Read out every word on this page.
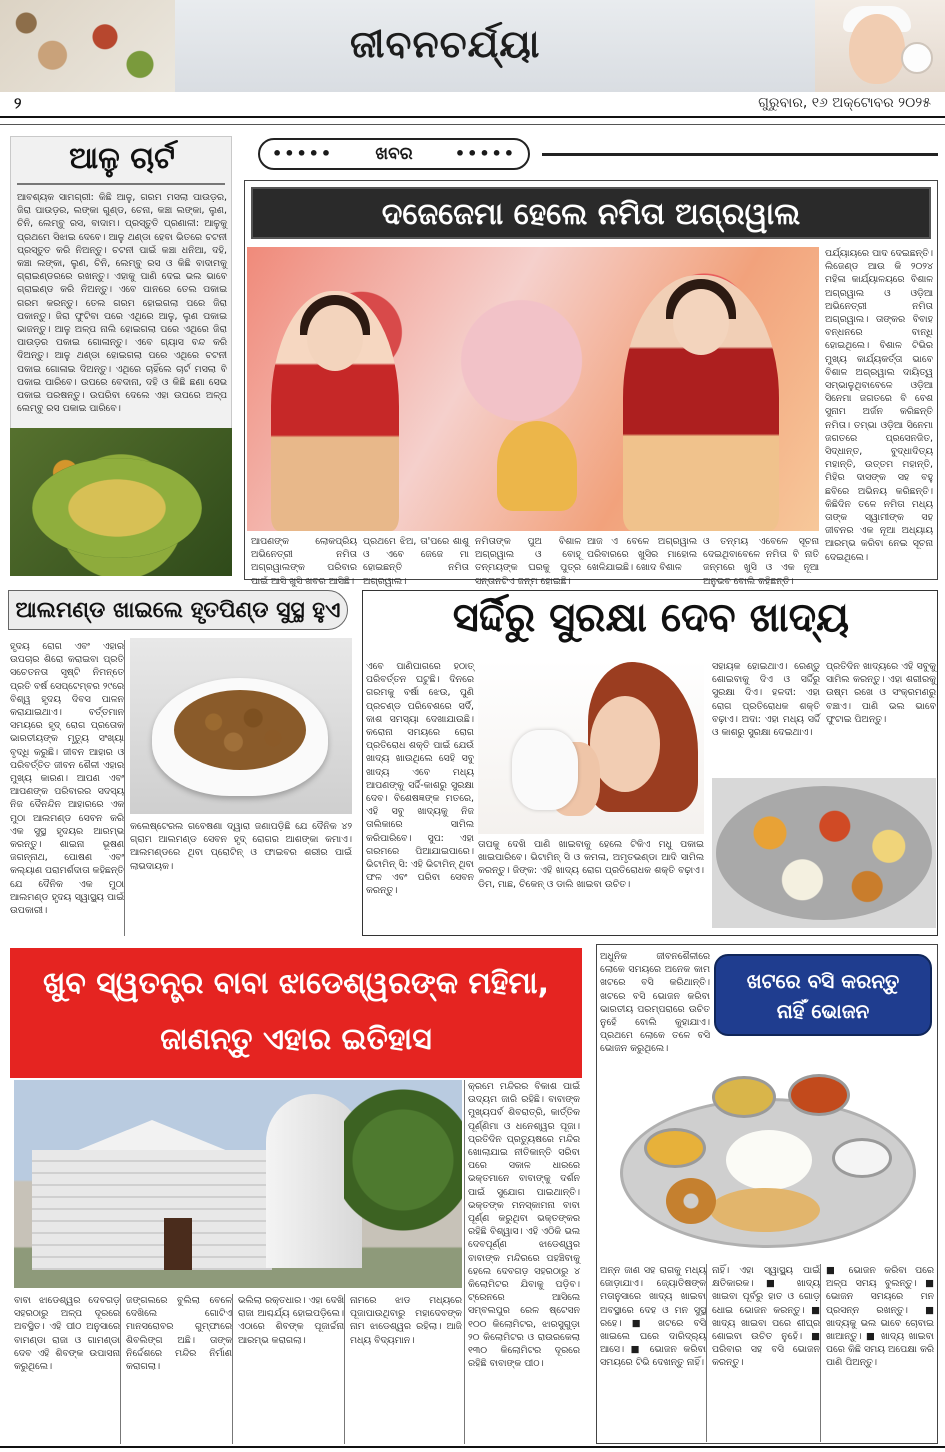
ଜୀବନଚର୍ଯ୍ୟା
୨	ଗୁରୁବାର, ୧୬ ଅକ୍ଟୋବର ୨୦୨୫
ଆଳୁ ଚାର୍ଟ
ଆବଶ୍ୟକ ସାମଗ୍ରୀ: କିଛି ଆଳୁ, ଗରମ ମସଲା ପାଉଡ଼ର, ଜିରା ପାଉଡ଼ର, ଲଙ୍କା ଗୁଣ୍ଡ, ଚେନା, କଞ୍ଚା ଲଙ୍କା, ଲୁଣ, ଚିନି, ଲେମ୍ବୁ ରସ, ବାଦାମ। ପ୍ରସ୍ତୁତି ପ୍ରଣାଳୀ: ଆଳୁକୁ ପ୍ରଥମେ ସିଝାଇ ଦେବେ। ଆଳୁ ଥଣ୍ଡା ହେବା ଭିତରେ ଚଟନୀ ପ୍ରସ୍ତୁତ କରି ନିଅନ୍ତୁ। ଚଟନୀ ପାଇଁ କଞ୍ଚା ଧନିଆ, ଦହି, କଞ୍ଚା ଲଙ୍କା, ଲୁଣ, ଚିନି, ଲେମ୍ବୁ ରସ ଓ କିଛି ବାଦାମକୁ ଗ୍ରାଇଣ୍ଡରରେ ରଖନ୍ତୁ। ଏହାକୁ ପାଣି ଦେଇ ଭଲ ଭାବେ ଗ୍ରାଇଣ୍ଡ କରି ନିଅନ୍ତୁ। ଏବେ ପାନରେ ତେଲ ପକାଇ ଗରମ କରନ୍ତୁ। ତେଲ ଗରମ ହୋଇଗଲା ପରେ ଜିରା ପକାନ୍ତୁ। ଜିରା ଫୁଟିବା ପରେ ଏଥିରେ ଆଳୁ, ଲୁଣ ପକାଇ ଭାଜନ୍ତୁ। ଆଳୁ ଅଳ୍ପ ନାଲି ହୋଇଗଲା ପରେ ଏଥିରେ ଜିରା ପାଉଡ଼ର ପକାଇ ଗୋଳାନ୍ତୁ। ଏବେ ଗ୍ୟାସ ବନ୍ଦ କରି ଦିଅନ୍ତୁ। ଆଳୁ ଥଣ୍ଡା ହୋଇଗଲା ପରେ ଏଥିରେ ଚଟନୀ ପକାଇ ଗୋଳାଇ ଦିଅନ୍ତୁ। ଏଥିରେ ଚାହିଁଲେ ଚାର୍ଟ ମସଲା ବି ପକାଇ ପାରିବେ। ଉପରେ ବେଦାନା, ଦହି ଓ କିଛି ଛଣା ସେଭ ପକାଇ ପରଷନ୍ତୁ। ଉପରିବା ଦେଲେ ଏହା ଉପରେ ଅଳ୍ପ ଲେମ୍ବୁ ରସ ପକାଇ ପାରିବେ।
•••••	ଖବର	•••••
ଦଜେଜେମା ହେଲେ ନମିତା ଅଗ୍ରୱାଲ
ପର୍ଯ୍ୟାୟରେ ପାଦ ଦେଇଛନ୍ତି। ଲିଜେଣ୍ଡ ଆଉ କି ୨୦୨୪ ମହିଳା କାର୍ଯ୍ୟାଳୟରେ ବିଶାଳ ଅଗ୍ରୱାଲ ଓ ଓଡ଼ିଆ ଅଭିନେତ୍ରୀ ନମିତା ଅଗ୍ରୱାଲ। ତାଙ୍କର ବିବାହ ବନ୍ଧନରେ ବାନ୍ଧି ହୋଇଥିଲେ। ବିଶାଳ ଟିଭିର ମୁଖ୍ୟ କାର୍ଯ୍ୟକର୍ତ୍ତା ଭାବେ ବିଶାଳ ଅଗ୍ରୱାଲ ଦାୟିତ୍ୱ ସମ୍ଭାଳୁଥିବାବେଳେ ଓଡ଼ିଆ ସିନେମା ଜଗତରେ ବି ବେଶ ସୁନାମ ଅର୍ଜନ କରିଛନ୍ତି ନମିତା। ତମ୍ଭା ଓଡ଼ିଆ ସିନେମା ଜଗତରେ ପ୍ରସେନଜିତ, ସିଦ୍ଧାନ୍ତ, ବୁଦ୍ଧାଦିତ୍ୟ ମହାନ୍ତି, ଉତ୍ତମ ମହାନ୍ତି, ମିହିର ଦାସଙ୍କ ସହ ବହୁ ଛବିରେ ଅଭିନୟ କରିଛନ୍ତି। କିଛିଦିନ ତଳେ ନମିତା ମଧ୍ୟ ତାଙ୍କ ସ୍ୱାମୀଙ୍କ ସହ ଜୀବନର ଏକ ନୂଆ ଅଧ୍ୟାୟ ଆରମ୍ଭ କରିବା ନେଇ ସୂଚନା ଦେଇଥିଲେ।
ଆପଣଙ୍କ ଲୋକପ୍ରିୟ ଅଭିନେତ୍ରୀ ନମିତା ଅଗ୍ରୱାଲଙ୍କ ପରିବାର ପାଇଁ ଆସି ଖୁସି ଖବର ଆସିଛି।
ପ୍ରଥମେ ଝିଅ, ତା'ପରେ ଶାଶୁ ଓ ଏବେ ଜେଜେ ମା ହୋଇଛନ୍ତି ନମିତା ଅଗ୍ରୱାଲ।
ନମିତାଙ୍କ ପୁଅ ବିଶାଳ ଅଗ୍ରୱାଲ ଓ ବୋହୂ ତନ୍ମୟଙ୍କ ଘରକୁ ପୁତ୍ର ସନ୍ତାନଟିଏ ଜନ୍ମ ହୋଇଛି।
ଆଜ ଏ ବେଳେ ଅଗ୍ରୱାଲ ପରିବାରରେ ଖୁସିର ମାହୋଲ ଖେଳିଯାଇଛି। ଖୋଦ ବିଶାଳ
ଓ ତନ୍ମୟ ଏବେଳେ ସୂଚନା ଦେଇଥିବାବେଳେ ନମିତା ବି ନାତି ଜନ୍ମରେ ଖୁସି ଓ ଏକ ନୂଆ ଅନୁଭବ ବୋଲି କହିଛନ୍ତି।
ଆଲମଣ୍ଡ ଖାଇଲେ ହୃତପିଣ୍ଡ ସୁସ୍ଥ ହୁଏ
ହୃଦୟ ରୋଗ ଏବଂ ଏହାର ଉପଚାର ଶିରୋ କରାଇବା ପ୍ରତି ସଚେତନତା ସୃଷ୍ଟି ନିମନ୍ତେ ପ୍ରତି ବର୍ଷ ସେପ୍ଟେମ୍ବର ୨୯ରେ ବିଶ୍ୱ ହୃଦୟ ଦିବସ ପାଳନ କରାଯାଇଥାଏ। ବର୍ତ୍ତମାନ ସମୟରେ ହୃଦ୍ ରୋଗ ପ୍ରତୋକ ଭାରତୀୟଙ୍କ ମୃତ୍ୟୁ ସଂଖ୍ୟା ବୃଦ୍ଧି କରୁଛି। ଜୀବନ ଆହାର ଓ ପରିବର୍ତ୍ତିତ ଜୀବନ ଶୈଳୀ ଏହାର ମୁଖ୍ୟ କାରଣ। ଆପଣ ଏବଂ ଆପଣଙ୍କ ପରିବାରର ସଦସ୍ୟ ନିଜ ଦୈନନ୍ଦିନ ଆହାରରେ ଏକ ମୁଠା ଆଲମଣ୍ଡ ସେବନ କରି ଏକ ସୁସ୍ଥ ହୃଦୟର ଆରମ୍ଭ କରନ୍ତୁ। ଶାଇନା ଭୂଷଣ ଜଗନ୍ନାଥ, ପୋଷଣ ଏବଂ କଲ୍ୟାଣ ପରାମର୍ଶଦାତା କହିଛନ୍ତି ଯେ ଦୈନିକ ଏକ ମୁଠା ଆଲମଣ୍ଡ ହୃଦୟ ସ୍ୱାସ୍ଥ୍ୟ ପାଇଁ ଉପକାରୀ।
କଲେଷ୍ଟେରଲ ଗବେଷଣା ଦ୍ୱାରା ଜଣାପଡ଼ିଛି ଯେ ଦୈନିକ ୪୨ ଗ୍ରାମ ଆଲମଣ୍ଡ ସେବନ ହୃଦ୍ ରୋଗର ଆଶଙ୍କା କମାଏ। ଆଲମଣ୍ଡରେ ଥିବା ପ୍ରୋଟିନ୍ ଓ ଫାଇବର ଶରୀର ପାଇଁ ଲାଭଦାୟକ।
ସର୍ଦ୍ଦିରୁ ସୁରକ୍ଷା ଦେବ ଖାଦ୍ୟ
ଏବେ ପାଣିପାଗରେ ହଠାତ୍ ପରିବର୍ତ୍ତନ ଘଟୁଛି। ଦିନରେ ଗରମକୁ ବର୍ଷା ଝେଉ, ପୁଣି ପ୍ରଚଣ୍ଡ ପରିବେଶରେ ସର୍ଦି, କାଶ ସମସ୍ୟା ଦେଖାଯାଉଛି। କରୋନା ସମୟରେ ରୋଗ ପ୍ରତିରୋଧ ଶକ୍ତି ପାଇଁ ଯେଉଁ ଖାଦ୍ୟ ଖାଉଥିଲେ ସେହି ସବୁ ଖାଦ୍ୟ ଏବେ ମଧ୍ୟ ଆପଣଙ୍କୁ ସର୍ଦ୍ଦି-କାଶରୁ ସୁରକ୍ଷା ଦେବ। ବିଶେଷଜ୍ଞଙ୍କ ମତରେ, ଏହି ସବୁ ଖାଦ୍ୟକୁ ନିଜ ତାଲିକାରେ ସାମିଲ କରିପାରିବେ। ସୁପ: ଏହା ଗରମରେ ପିଆଯାଇପାରେ। ଭିଟାମିନ୍ ସି: ଏହି ଭିଟାମିନ୍ ଥିବା ଫଳ ଏବଂ ପରିବା ସେବନ କରନ୍ତୁ।
ତାପକୁ ଦେଖି ପାଣି ଖାଇବାକୁ ହେଲେ ଟିକିଏ ମଧୁ ପକାଇ ଖାଇପାରିବେ। ଭିଟାମିନ୍ ସି ଓ କମଳା, ଅମୃତଭଣ୍ଡା ଆଦି ସାମିଲ କରନ୍ତୁ। ଜିଙ୍କ: ଏହି ଖାଦ୍ୟ ରୋଗ ପ୍ରତିରୋଧକ ଶକ୍ତି ବଢ଼ାଏ। ଡିମ, ମାଛ, ଚିକେନ୍ ଓ ଡାଲି ଖାଇବା ଉଚିତ।
ସହାୟକ ହୋଇଥାଏ। ରେଣ୍ଡୁ ଶୋଇବାକୁ ଦିଏ ଓ ସର୍ଦ୍ଦିରୁ ସୁରକ୍ଷା ଦିଏ। ହଳଦୀ: ଏହା ରୋଗ ପ୍ରତିରୋଧକ ଶକ୍ତି ବଢ଼ାଏ। ଅଦା: ଏହା ମଧ୍ୟ ସର୍ଦ୍ଦି ଓ କାଶରୁ ସୁରକ୍ଷା ଦେଇଥାଏ।
ପ୍ରତିଦିନ ଖାଦ୍ୟରେ ଏହି ସବୁକୁ ସାମିଲ କରନ୍ତୁ। ଏହା ଶରୀରକୁ ଉଷ୍ମ ରଖେ ଓ ସଂକ୍ରମଣରୁ ବଞ୍ଚାଏ। ପାଣି ଭଲ ଭାବେ ଫୁଟାଇ ପିଅନ୍ତୁ।
ଖୁବ ସ୍ୱତନ୍ତ୍ର ବାବା ଝାଡେଶ୍ୱରଙ୍କ ମହିମା,
ଜାଣନ୍ତୁ ଏହାର ଇତିହାସ
କ୍ରମେ ମନ୍ଦିରର ବିକାଶ ପାଇଁ ଉଦ୍ୟମ ଜାରି ରହିଛି। ବାବାଙ୍କ ମୁଖ୍ୟପର୍ବ ଶିବରାତ୍ରି, କାର୍ତ୍ତିକ ପୂର୍ଣ୍ଣିମା ଓ ଧନେଶ୍ୱର ପୂଜା। ପ୍ରତିଦିନ ପ୍ରତ୍ୟୁଷରେ ମନ୍ଦିର ଖୋଲାଯାଇ ନୀତିକାନ୍ତି ସରିବା ପରେ ସକାଳ ଧାରରେ ଭକ୍ତମାନେ ବାବାଙ୍କୁ ଦର୍ଶନ ପାଇଁ ସୁଯୋଗ ପାଇଥାନ୍ତି। ଭକ୍ତଙ୍କ ମନସ୍କାମନା ବାବା ପୂର୍ଣ୍ଣ କରୁଥିବା ଭକ୍ତଙ୍କର ରହିଛି ବିଶ୍ୱାସ। ଏହି ଏଠିକି ଭଲ ଦେବପୂର୍ଣ୍ଣ ଝାଡେଶ୍ୱର ବାବାଙ୍କ ମନ୍ଦିରରେ ପହଞ୍ଚିବାକୁ ହେଲେ ଦେବଗଡ଼ ସହରଠାରୁ ୪ କିଲୋମିଟର ଯିବାକୁ ପଡ଼ିବ। ଟ୍ରେନରେ ଆସିଲେ ସମ୍ବଲପୁର ରେଳ ଷ୍ଟେସନ ୧୦୦ କିଲୋମିଟର, ଝାରସୁଗୁଡ଼ା ୨୦ କିଲୋମିଟର ଓ ରାଉରକେଲା ୧୩୦ କିଲୋମିଟର ଦୂରରେ ରହିଛି ବାବାଙ୍କ ପୀଠ।
ବାବା ଝାଡେଶ୍ୱର ଦେବଗଡ଼ ସହରଠାରୁ ଅଳ୍ପ ଦୂରରେ ଅବସ୍ଥିତ। ଏହି ପୀଠ ଅନୁସାରେ ବାମଣ୍ଡା ରାଜା ଓ ଗାମଣ୍ଡା ଦେବ ଏହି ଶିବଙ୍କ ଉପାସନା କରୁଥିଲେ।
ଜଙ୍ଗଲରେ ବୁଲିଲା ବେଳେ ଦେଖିଲେ ଗୋଟିଏ ମାନସରୋବର ଗୁମ୍ଫାରେ ଶିବଲିଙ୍ଗ ଅଛି। ତାଙ୍କ ନିର୍ଦ୍ଦେଶରେ ମନ୍ଦିର ନିର୍ମାଣ କରାଗଲା।
ଭଲିଲା ରକ୍ତଧାର। ଏହା ଦେଖି ରାଜା ଆଶ୍ଚର୍ଯ୍ୟ ହୋଇପଡ଼ିଲେ। ଏଠାରେ ଶିବଙ୍କ ପୂଜାର୍ଚ୍ଚନା ଆରମ୍ଭ କରାଗଲା।
ନାମରେ ଝାଡ ମଧ୍ୟରେ ପୂଜାପାଉଥିବାରୁ ମହାଦେବଙ୍କ ନାମ ଝାଡେଶ୍ୱର ରହିଲା। ଆଜି ମଧ୍ୟ ବିଦ୍ୟମାନ।
ଅଧୁନିକ ଜୀବନଶୈଳୀରେ ଲୋକେ ସମୟରେ ଅନେକ କାମ ଖଟରେ ବସି କରିଥାନ୍ତି। ଖଟରେ ବସି ଭୋଜନ କରିବା ଭାରତୀୟ ପରମ୍ପରାରେ ଉଚିତ ନୁହେଁ ବୋଲି କୁହାଯାଏ। ପ୍ରଥମେ ଲୋକେ ତଳେ ବସି ଭୋଜନ କରୁଥିଲେ।
ଖଟରେ ବସି କରନ୍ତୁ
ନାହିଁ ଭୋଜନ
ଅନ୍ନ ଜାଣ ସହ ରାଗକୁ ମଧ୍ୟ ଜୋଡ଼ାଯାଏ। ଜ୍ୟୋତିଷଙ୍କ ମତାନୁସାରେ ଖାଦ୍ୟ ଖାଇବା ଅବସ୍ଥାରେ ଦେହ ଓ ମନ ସୁସ୍ଥ ରହେ। ■ ଖଟରେ ବସି ଖାଇଲେ ଘରେ ଦାରିଦ୍ର୍ୟ ଆସେ। ■ ଭୋଜନ କରିବା ସମୟରେ ଟିଭି ଦେଖନ୍ତୁ ନାହିଁ।
ନାହିଁ। ଏହା ସ୍ୱାସ୍ଥ୍ୟ ପାଇଁ କ୍ଷତିକାରକ। ■ ଖାଦ୍ୟ ଖାଇବା ପୂର୍ବରୁ ହାତ ଓ ଗୋଡ଼ ଧୋଇ ଭୋଜନ କରନ୍ତୁ। ■ ଖାଦ୍ୟ ଖାଇବା ପରେ ଶୀଘ୍ର ଶୋଇବା ଉଚିତ ନୁହେଁ। ■ ପରିବାର ସହ ବସି ଭୋଜନ କରନ୍ତୁ।
■ ଭୋଜନ କରିବା ପରେ ଅଳ୍ପ ସମୟ ବୁଲନ୍ତୁ। ■ ଭୋଜନ ସମୟରେ ମନ ପ୍ରସନ୍ନ ରଖନ୍ତୁ। ■ ଖାଦ୍ୟକୁ ଭଲ ଭାବେ ଚୋବାଇ ଖାଆନ୍ତୁ। ■ ଖାଦ୍ୟ ଖାଇବା ପରେ କିଛି ସମୟ ଅପେକ୍ଷା କରି ପାଣି ପିଅନ୍ତୁ।
